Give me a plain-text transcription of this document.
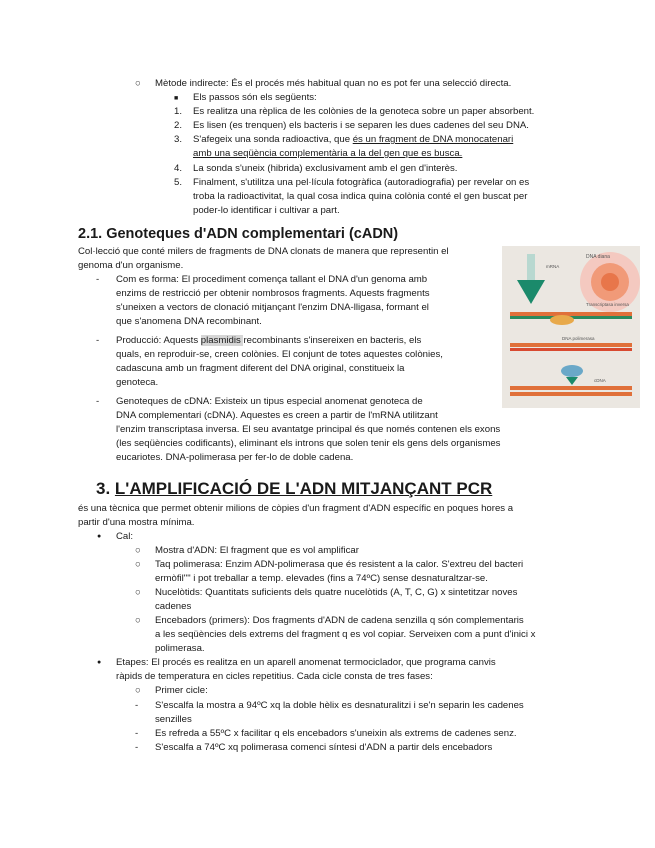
○ Mètode indirecte: És el procés més habitual quan no es pot fer una selecció directa.
■ Els passos són els següents:
1. Es realitza una rèplica de les colònies de la genoteca sobre un paper absorbent.
2. Es lisen (es trenquen) els bacteris i se separen les dues cadenes del seu DNA.
3. S'afegeix una sonda radioactiva, que és un fragment de DNA monocatenari
amb una seqüència complementària a la del gen que es busca.
4. La sonda s'uneix (hibrida) exclusivament amb el gen d'interès.
5. Finalment, s'utilitza una pel·lícula fotogràfica (autoradiografia) per revelar on es
troba la radioactivitat, la qual cosa indica quina colònia conté el gen buscat per
poder-lo identificar i cultivar a part.
2.1. Genoteques d'ADN complementari (cADN)
Col·lecció que conté milers de fragments de DNA clonats de manera que representin el
genoma d'un organisme.
- Com es forma: El procediment comença tallant el DNA d'un genoma amb
enzims de restricció per obtenir nombrosos fragments. Aquests fragments
s'uneixen a vectors de clonació mitjançant l'enzim DNA-lligasa, formant el
que s'anomena DNA recombinant.
- Producció: Aquests plasmidis recombinants s'insereixen en bacteris, els
quals, en reproduir-se, creen colònies. El conjunt de totes aquestes colònies,
cadascuna amb un fragment diferent del DNA original, constitueix la
genoteca.
- Genoteques de cDNA: Existeix un tipus especial anomenat genoteca de
DNA complementari (cDNA). Aquestes es creen a partir de l'mRNA utilitzant
l'enzim transcriptasa inversa. El seu avantatge principal és que només contenen els exons
(les seqüències codificants), eliminant els introns que solen tenir els gens dels organismes
eucariotes. DNA-polimerasa per fer-lo de doble cadena.
DNA diana
mRNA
Transcriptasa inversa
DNA polimerasa
cDNA
3. L'AMPLIFICACIÓ DE L'ADN MITJANÇANT PCR
és una tècnica que permet obtenir milions de còpies d'un fragment d'ADN específic en poques hores a
partir d'una mostra mínima.
● Cal:
○ Mostra d'ADN: El fragment que es vol amplificar
○ Taq polimerasa: Enzim ADN-polimerasa que és resistent a la calor. S'extreu del bacteri
ermòfil"" i pot treballar a temp. elevades (fins a 74ºC) sense desnaturaltzar-se.
○ Nucelòtids: Quantitats suficients dels quatre nucelòtids (A, T, C, G) x sintetitzar noves
cadenes
○ Encebadors (primers): Dos fragments d'ADN de cadena senzilla q són complementaris
a les seqüències dels extrems del fragment q es vol copiar. Serveixen com a punt d'inici x
polimerasa.
● Etapes: El procés es realitza en un aparell anomenat termociclador, que programa canvis
ràpids de temperatura en cicles repetitius. Cada cicle consta de tres fases:
○ Primer cicle:
- S'escalfa la mostra a 94ºC xq la doble hèlix es desnaturalitzi i se'n separin les cadenes
senzilles
- Es refreda a 55ºC x facilitar q els encebadors s'uneixin als extrems de cadenes senz.
- S'escalfa a 74ºC xq polimerasa comenci síntesi d'ADN a partir dels encebadors
